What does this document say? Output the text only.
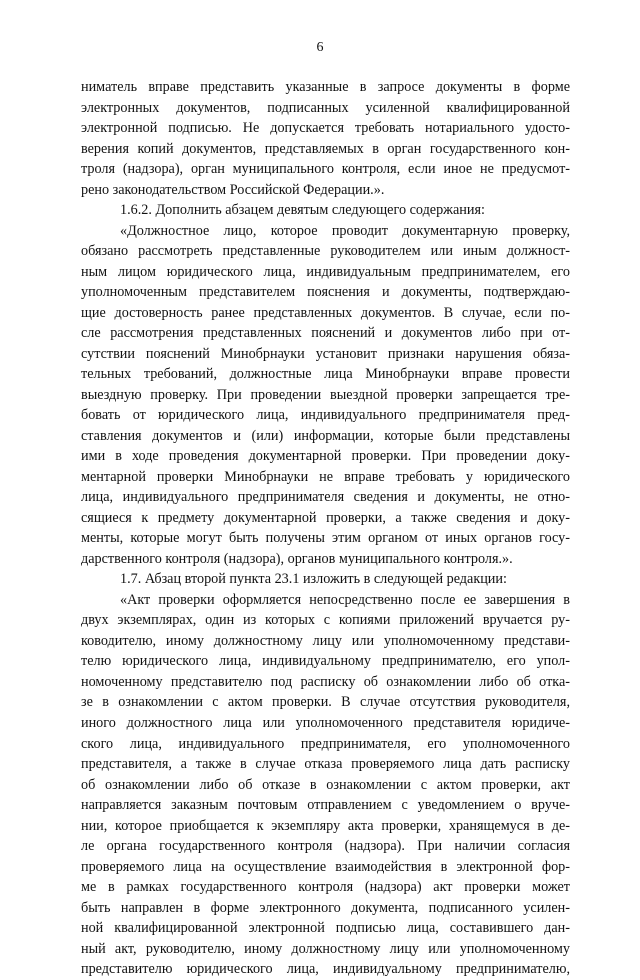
6
ниматель вправе представить указанные в запросе документы в форме
электронных документов, подписанных усиленной квалифицированной
электронной подписью. Не допускается требовать нотариального удосто-
верения копий документов, представляемых в орган государственного кон-
троля (надзора), орган муниципального контроля, если иное не предусмот-
рено законодательством Российской Федерации.».
1.6.2. Дополнить абзацем девятым следующего содержания:
«Должностное лицо, которое проводит документарную проверку,
обязано рассмотреть представленные руководителем или иным должност-
ным лицом юридического лица, индивидуальным предпринимателем, его
уполномоченным представителем пояснения и документы, подтверждаю-
щие достоверность ранее представленных документов. В случае, если по-
сле рассмотрения представленных пояснений и документов либо при от-
сутствии пояснений Минобрнауки установит признаки нарушения обяза-
тельных требований, должностные лица Минобрнауки вправе провести
выездную проверку. При проведении выездной проверки запрещается тре-
бовать от юридического лица, индивидуального предпринимателя пред-
ставления документов и (или) информации, которые были представлены
ими в ходе проведения документарной проверки. При проведении доку-
ментарной проверки Минобрнауки не вправе требовать у юридического
лица, индивидуального предпринимателя сведения и документы, не отно-
сящиеся к предмету документарной проверки, а также сведения и доку-
менты, которые могут быть получены этим органом от иных органов госу-
дарственного контроля (надзора), органов муниципального контроля.».
1.7. Абзац второй пункта 23.1 изложить в следующей редакции:
«Акт проверки оформляется непосредственно после ее завершения в
двух экземплярах, один из которых с копиями приложений вручается ру-
ководителю, иному должностному лицу или уполномоченному представи-
телю юридического лица, индивидуальному предпринимателю, его упол-
номоченному представителю под расписку об ознакомлении либо об отка-
зе в ознакомлении с актом проверки. В случае отсутствия руководителя,
иного должностного лица или уполномоченного представителя юридиче-
ского лица, индивидуального предпринимателя, его уполномоченного
представителя, а также в случае отказа проверяемого лица дать расписку
об ознакомлении либо об отказе в ознакомлении с актом проверки, акт
направляется заказным почтовым отправлением с уведомлением о вруче-
нии, которое приобщается к экземпляру акта проверки, хранящемуся в де-
ле органа государственного контроля (надзора). При наличии согласия
проверяемого лица на осуществление взаимодействия в электронной фор-
ме в рамках государственного контроля (надзора) акт проверки может
быть направлен в форме электронного документа, подписанного усилен-
ной квалифицированной электронной подписью лица, составившего дан-
ный акт, руководителю, иному должностному лицу или уполномоченному
представителю юридического лица, индивидуальному предпринимателю,
